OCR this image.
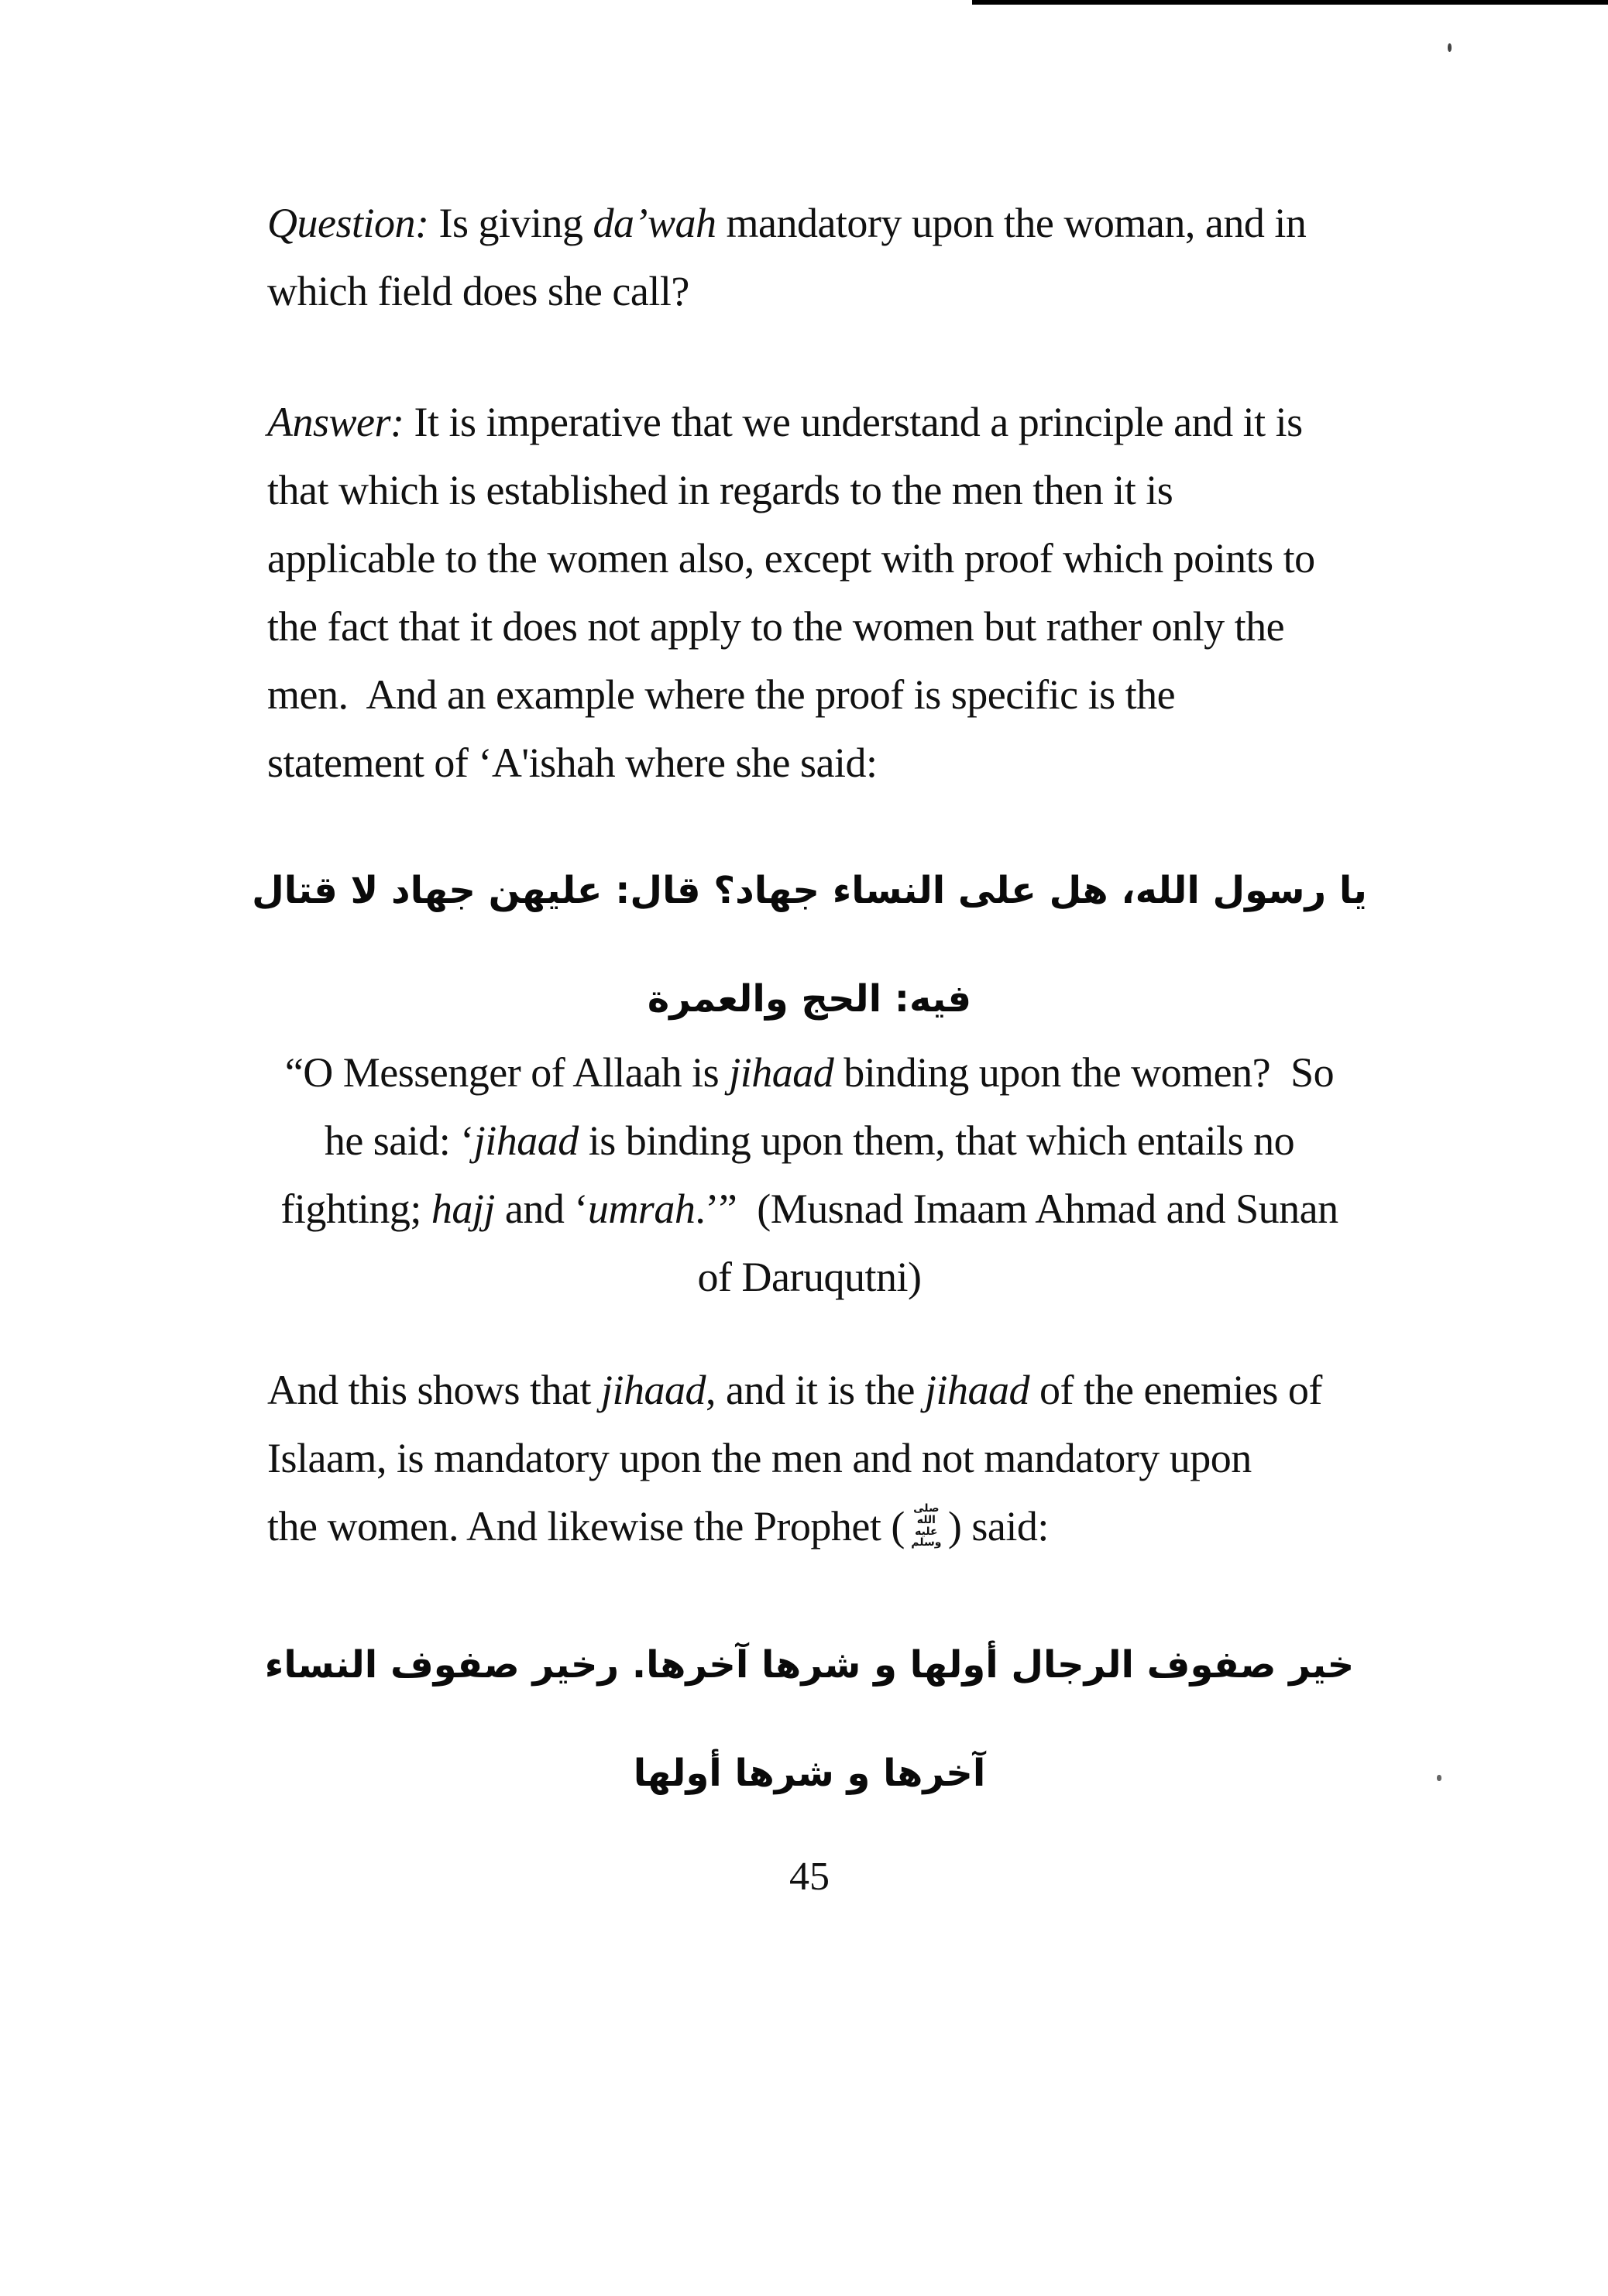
Question: Is giving da’wah mandatory upon the woman, and in
which field does she call?
Answer: It is imperative that we understand a principle and it is
that which is established in regards to the men then it is
applicable to the women also, except with proof which points to
the fact that it does not apply to the women but rather only the
men.  And an example where the proof is specific is the
statement of ‘A'ishah where she said:
يا رسول الله، هل على النساء جهاد؟ قال: عليهن جهاد لا قتال
فيه: الحج والعمرة
“O Messenger of Allaah is jihaad binding upon the women?  So
he said: ‘jihaad is binding upon them, that which entails no
fighting; hajj and ‘umrah.’”  (Musnad Imaam Ahmad and Sunan
of Daruqutni)
And this shows that jihaad, and it is the jihaad of the enemies of
Islaam, is mandatory upon the men and not mandatory upon
the women. And likewise the Prophet ( صلى الله عليه وسلم ) said:
خير صفوف الرجال أولها و شرها آخرها. رخير صفوف النساء
آخرها و شرها أولها
45
